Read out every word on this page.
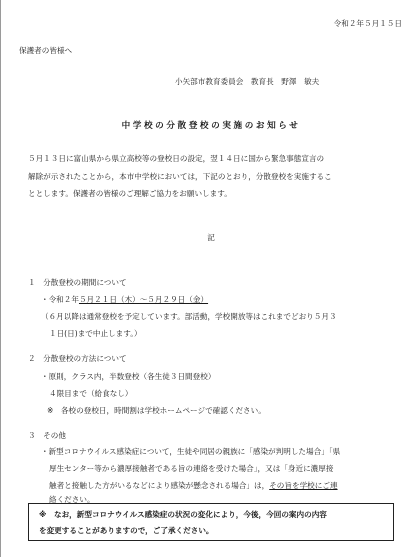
令和２年５月１５日
保護者の皆様へ
小矢部市教育委員会　教育長　野澤　敏夫
中学校の分散登校の実施のお知らせ
５月１３日に富山県から県立高校等の登校日の設定，翌１４日に国から緊急事態宣言の
解除が示されたことから，本市中学校においては，下記のとおり，分散登校を実施するこ
ととします。保護者の皆様のご理解ご協力をお願いします。
記
１　分散登校の期間について
・令和２年５月２１日（木）～５月２９日（金）
（６月以降は通常登校を予定しています。部活動，学校開放等はこれまでどおり５月３
１日(日)まで中止します。）
２　分散登校の方法について
・原則，クラス内，半数登校（各生徒３日間登校）
４限目まで（給食なし）
※　各校の登校日，時間割は学校ホームページで確認ください。
３　その他
・新型コロナウイルス感染症について，生徒や同居の親族に「感染が判明した場合」「県
厚生センター等から濃厚接触者である旨の連絡を受けた場合」，又は「身近に濃厚接
触者と接触した方がいるなどにより感染が懸念される場合」は，その旨を学校にご連
絡ください。
※　なお，新型コロナウイルス感染症の状況の変化により，今後，今回の案内の内容
を変更することがありますので，ご了承ください。
